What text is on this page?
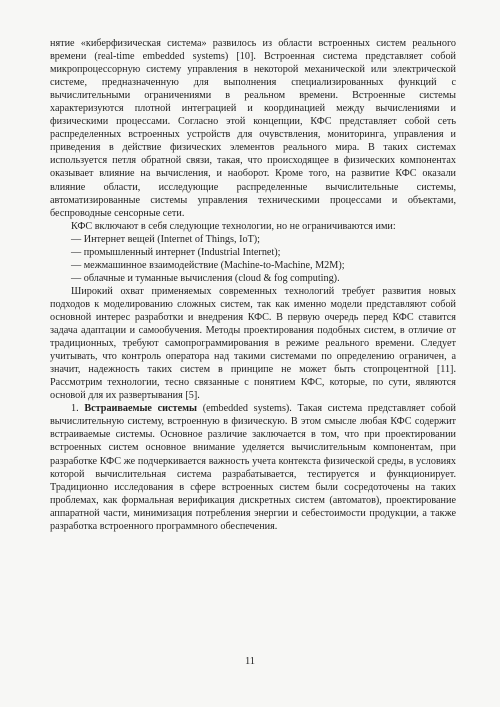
нятие «киберфизическая система» развилось из области встроенных систем реального времени (real-time embedded systems) [10]. Встроенная система представляет собой микропроцессорную систему управления в некоторой механической или электрической системе, предназначенную для выполнения специализированных функций с вычислительными ограничениями в реальном времени. Встроенные системы характеризуются плотной интеграцией и координацией между вычислениями и физическими процессами. Согласно этой концепции, КФС представляет собой сеть распределенных встроенных устройств для очувствления, мониторинга, управления и приведения в действие физических элементов реального мира. В таких системах используется петля обратной связи, такая, что происходящее в физических компонентах оказывает влияние на вычисления, и наоборот. Кроме того, на развитие КФС оказали влияние области, исследующие распределенные вычислительные системы, автоматизированные системы управления техническими процессами и объектами, беспроводные сенсорные сети.

КФС включают в себя следующие технологии, но не ограничиваются ими:

— Интернет вещей (Internet of Things, IoT);

— промышленный интернет (Industrial Internet);

— межмашинное взаимодействие (Machine-to-Machine, M2M);

— облачные и туманные вычисления (cloud & fog computing).

Широкий охват применяемых современных технологий требует развития новых подходов к моделированию сложных систем, так как именно модели представляют собой основной интерес разработки и внедрения КФС. В первую очередь перед КФС ставится задача адаптации и самообучения. Методы проектирования подобных систем, в отличие от традиционных, требуют самопрограммирования в режиме реального времени. Следует учитывать, что контроль оператора над такими системами по определению ограничен, а значит, надежность таких систем в принципе не может быть стопроцентной [11]. Рассмотрим технологии, тесно связанные с понятием КФС, которые, по сути, являются основой для их развертывания [5].

1. Встраиваемые системы (embedded systems). Такая система представляет собой вычислительную систему, встроенную в физическую. В этом смысле любая КФС содержит встраиваемые системы. Основное различие заключается в том, что при проектировании встроенных систем основное внимание уделяется вычислительным компонентам, при разработке КФС же подчеркивается важность учета контекста физической среды, в условиях которой вычислительная система разрабатывается, тестируется и функционирует. Традиционно исследования в сфере встроенных систем были сосредоточены на таких проблемах, как формальная верификация дискретных систем (автоматов), проектирование аппаратной части, минимизация потребления энергии и себестоимости продукции, а также разработка встроенного программного обеспечения.

11
